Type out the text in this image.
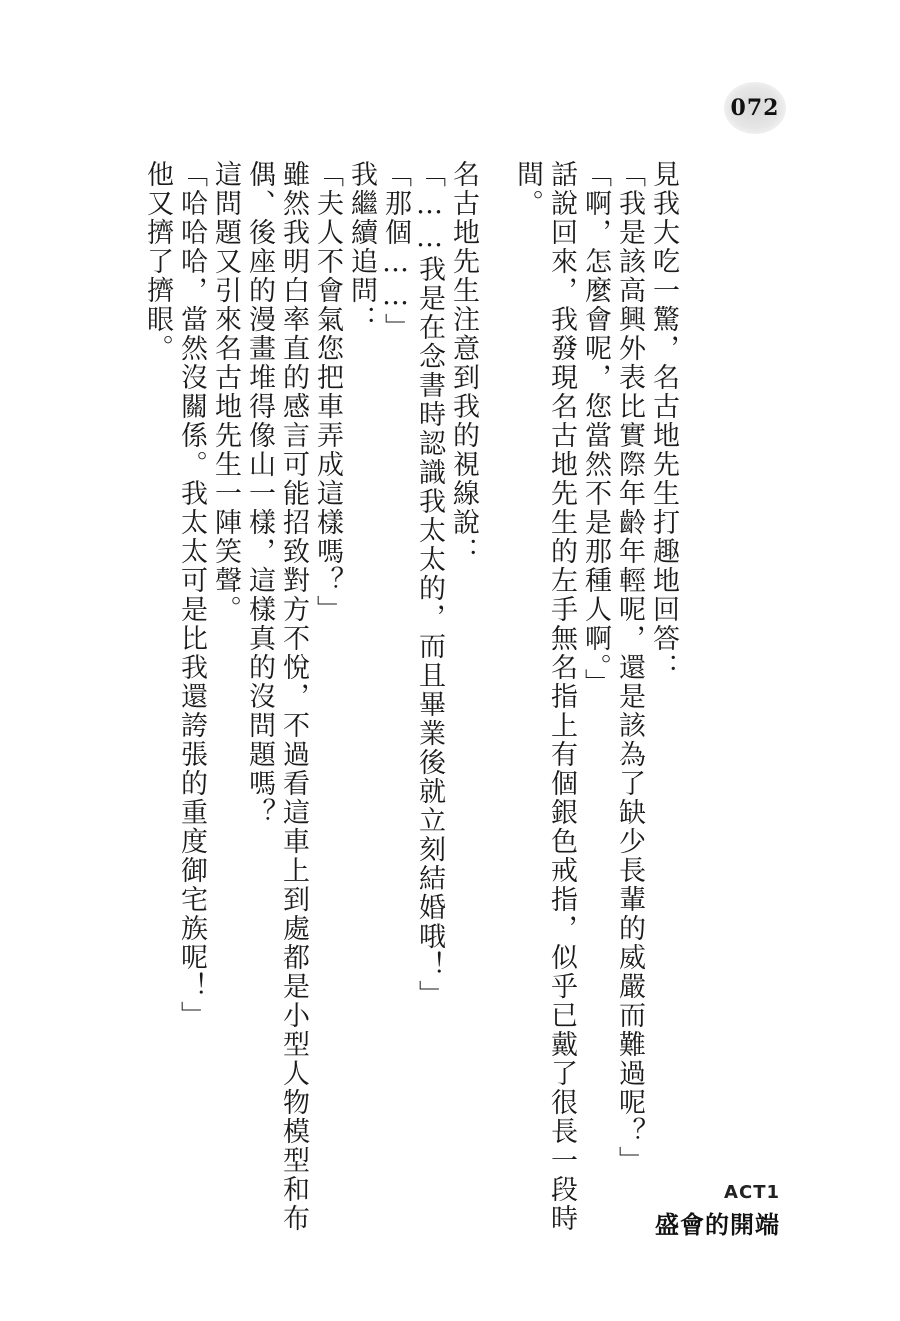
072
見我大吃一驚，名古地先生打趣地回答：
「我是該高興外表比實際年齡年輕呢，還是該為了缺少長輩的威嚴而難過呢？」
「啊，怎麼會呢，您當然不是那種人啊。」
話說回來，我發現名古地先生的左手無名指上有個銀色戒指，似乎已戴了很長一段時
間。
名古地先生注意到我的視線說：
「……我是在念書時認識我太太的，而且畢業後就立刻結婚哦！」
「那個……」
我繼續追問：
「夫人不會氣您把車弄成這樣嗎？」
雖然我明白率直的感言可能招致對方不悅，不過看這車上到處都是小型人物模型和布
偶、後座的漫畫堆得像山一樣，這樣真的沒問題嗎？
這問題又引來名古地先生一陣笑聲。
「哈哈哈，當然沒關係。我太太可是比我還誇張的重度御宅族呢！」
他又擠了擠眼。
ACT1
盛會的開端
